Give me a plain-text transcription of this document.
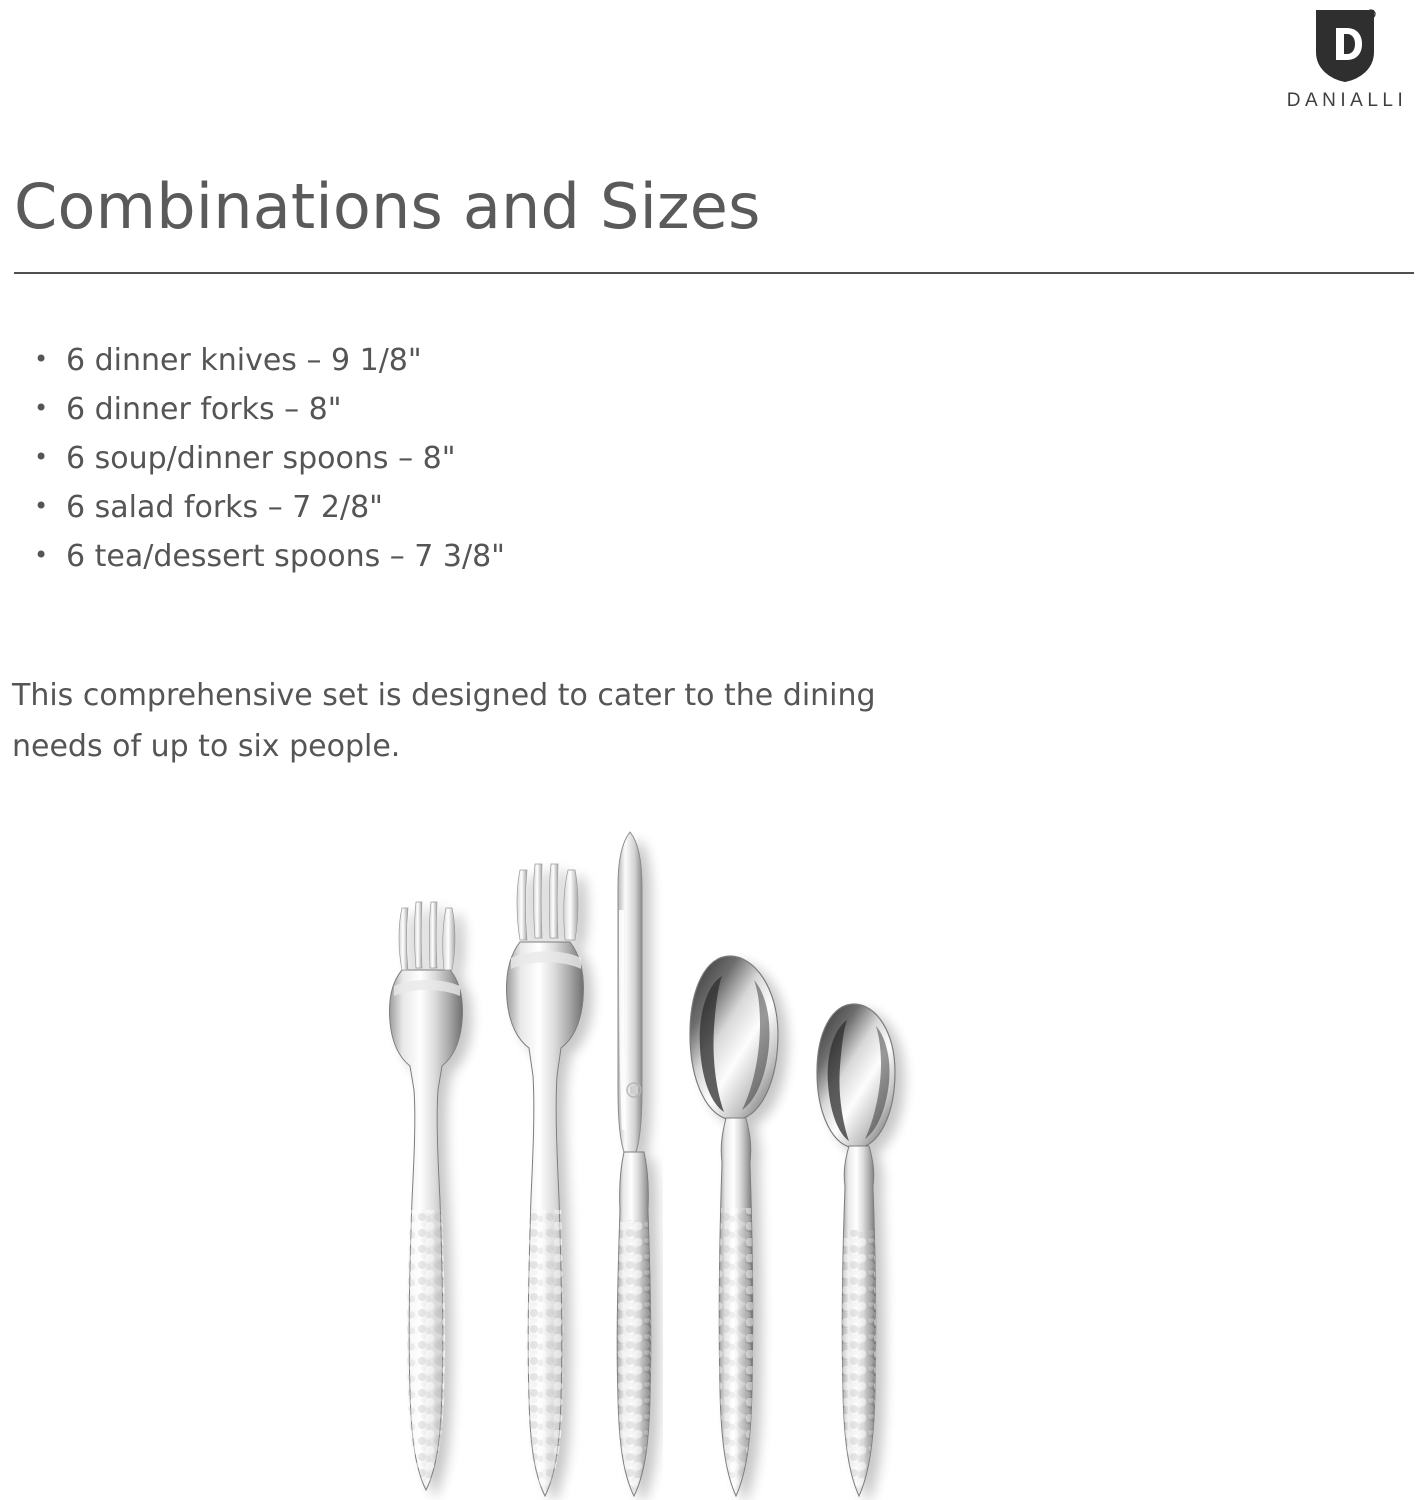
R
DANIALLI
Combinations and Sizes
• 6 dinner knives – 9 1/8"
• 6 dinner forks – 8"
• 6 soup/dinner spoons – 8"
• 6 salad forks – 7 2/8"
• 6 tea/dessert spoons – 7 3/8"

This comprehensive set is designed to cater to the dining needs of up to six people.
